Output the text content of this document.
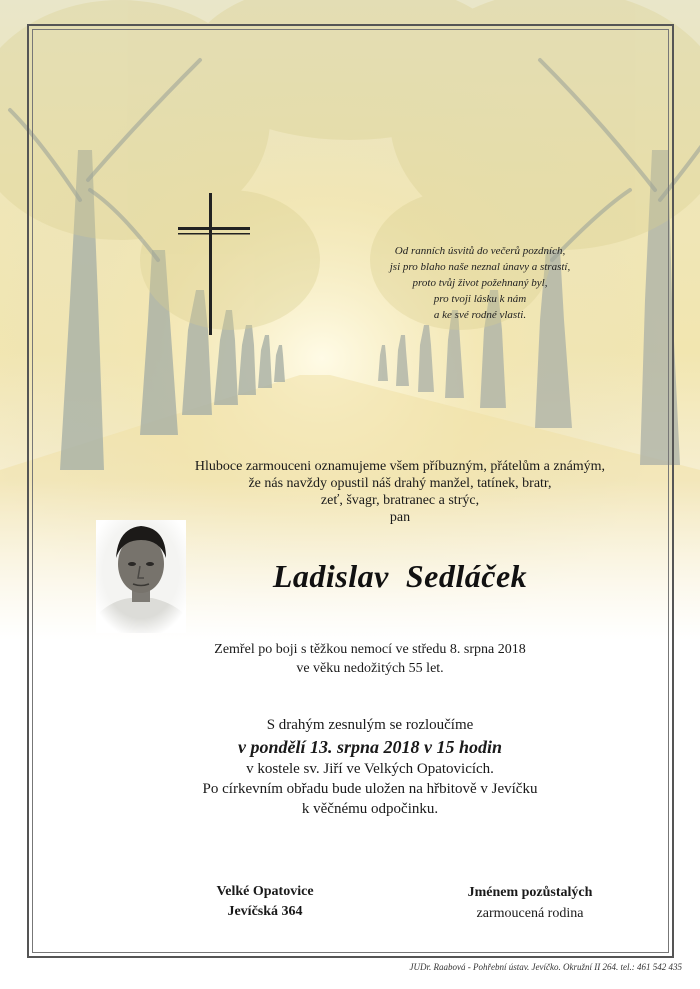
Od ranních úsvitů do večerů pozdních,
jsi pro blaho naše neznal únavy a strastí,
proto tvůj život požehnaný byl,
pro tvoji lásku k nám
a ke své rodné vlasti.
Hluboce zarmouceni oznamujeme všem příbuzným, přátelům a známým,
že nás navždy opustil náš drahý manžel, tatínek, bratr,
zeť, švagr, bratranec a strýc,
pan
Ladislav  Sedláček
Zemřel po boji s těžkou nemocí ve středu 8. srpna 2018
ve věku nedožitých 55 let.
S drahým zesnulým se rozloučíme
v pondělí 13. srpna 2018 v 15 hodin
v kostele sv. Jiří ve Velkých Opatovicích.
Po církevním obřadu bude uložen na hřbitově v Jevíčku
k věčnému odpočinku.
Velké Opatovice
Jevíčská 364
Jménem pozůstalých
zarmoucená rodina
JUDr. Raabová - Pohřební ústav. Jevíčko. Okružní II 264. tel.: 461 542 435
